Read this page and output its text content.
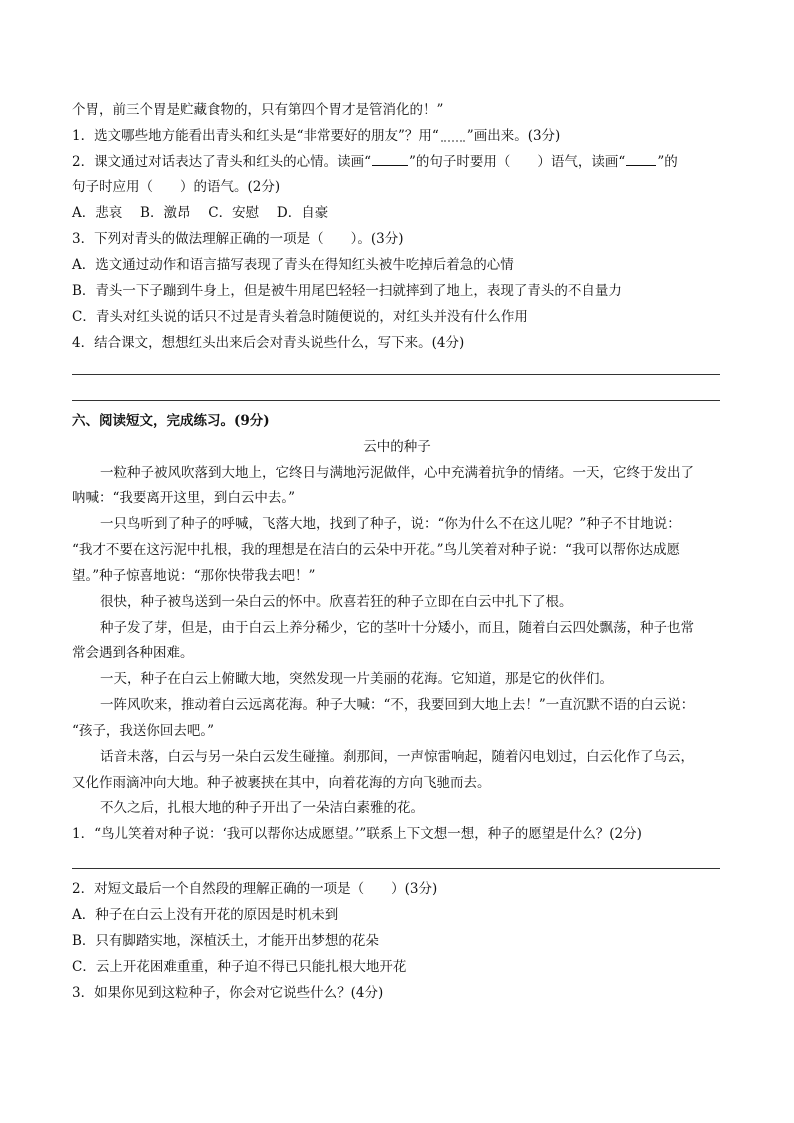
个胃，前三个胃是贮藏食物的，只有第四个胃才是管消化的！”
1．选文哪些地方能看出青头和红头是“非常要好的朋友”？用“ ”画出来。(3分)
2．课文通过对话表达了青头和红头的心情。读画“	”的句子时要用（　　）语气，读画“ ”的
句子时应用（　　）的语气。(2分)
A．悲哀　 B．激昂　 C．安慰　 D．自豪
3．下列对青头的做法理解正确的一项是（　　）。(3分)
A．选文通过动作和语言描写表现了青头在得知红头被牛吃掉后着急的心情
B．青头一下子蹦到牛身上，但是被牛用尾巴轻轻一扫就摔到了地上，表现了青头的不自量力
C．青头对红头说的话只不过是青头着急时随便说的，对红头并没有什么作用
4．结合课文，想想红头出来后会对青头说些什么，写下来。(4分)
六、阅读短文，完成练习。(9分)
云中的种子
一粒种子被风吹落到大地上，它终日与满地污泥做伴，心中充满着抗争的情绪。一天，它终于发出了
呐喊：“我要离开这里，到白云中去。”
一只鸟听到了种子的呼喊，飞落大地，找到了种子，说：“你为什么不在这儿呢？”种子不甘地说：
“我才不要在这污泥中扎根，我的理想是在洁白的云朵中开花。”鸟儿笑着对种子说：“我可以帮你达成愿
望。”种子惊喜地说：“那你快带我去吧！”
很快，种子被鸟送到一朵白云的怀中。欣喜若狂的种子立即在白云中扎下了根。
种子发了芽，但是，由于白云上养分稀少，它的茎叶十分矮小，而且，随着白云四处飘荡，种子也常
常会遇到各种困难。
一天，种子在白云上俯瞰大地，突然发现一片美丽的花海。它知道，那是它的伙伴们。
一阵风吹来，推动着白云远离花海。种子大喊：“不，我要回到大地上去！”一直沉默不语的白云说：
“孩子，我送你回去吧。”
话音未落，白云与另一朵白云发生碰撞。刹那间，一声惊雷响起，随着闪电划过，白云化作了乌云，
又化作雨滴冲向大地。种子被裹挟在其中，向着花海的方向飞驰而去。
不久之后，扎根大地的种子开出了一朵洁白素雅的花。
1．“鸟儿笑着对种子说：‘我可以帮你达成愿望。’”联系上下文想一想，种子的愿望是什么？(2分)
2．对短文最后一个自然段的理解正确的一项是（　　）(3分)
A．种子在白云上没有开花的原因是时机未到
B．只有脚踏实地，深植沃土，才能开出梦想的花朵
C．云上开花困难重重，种子迫不得已只能扎根大地开花
3．如果你见到这粒种子，你会对它说些什么？(4分)
